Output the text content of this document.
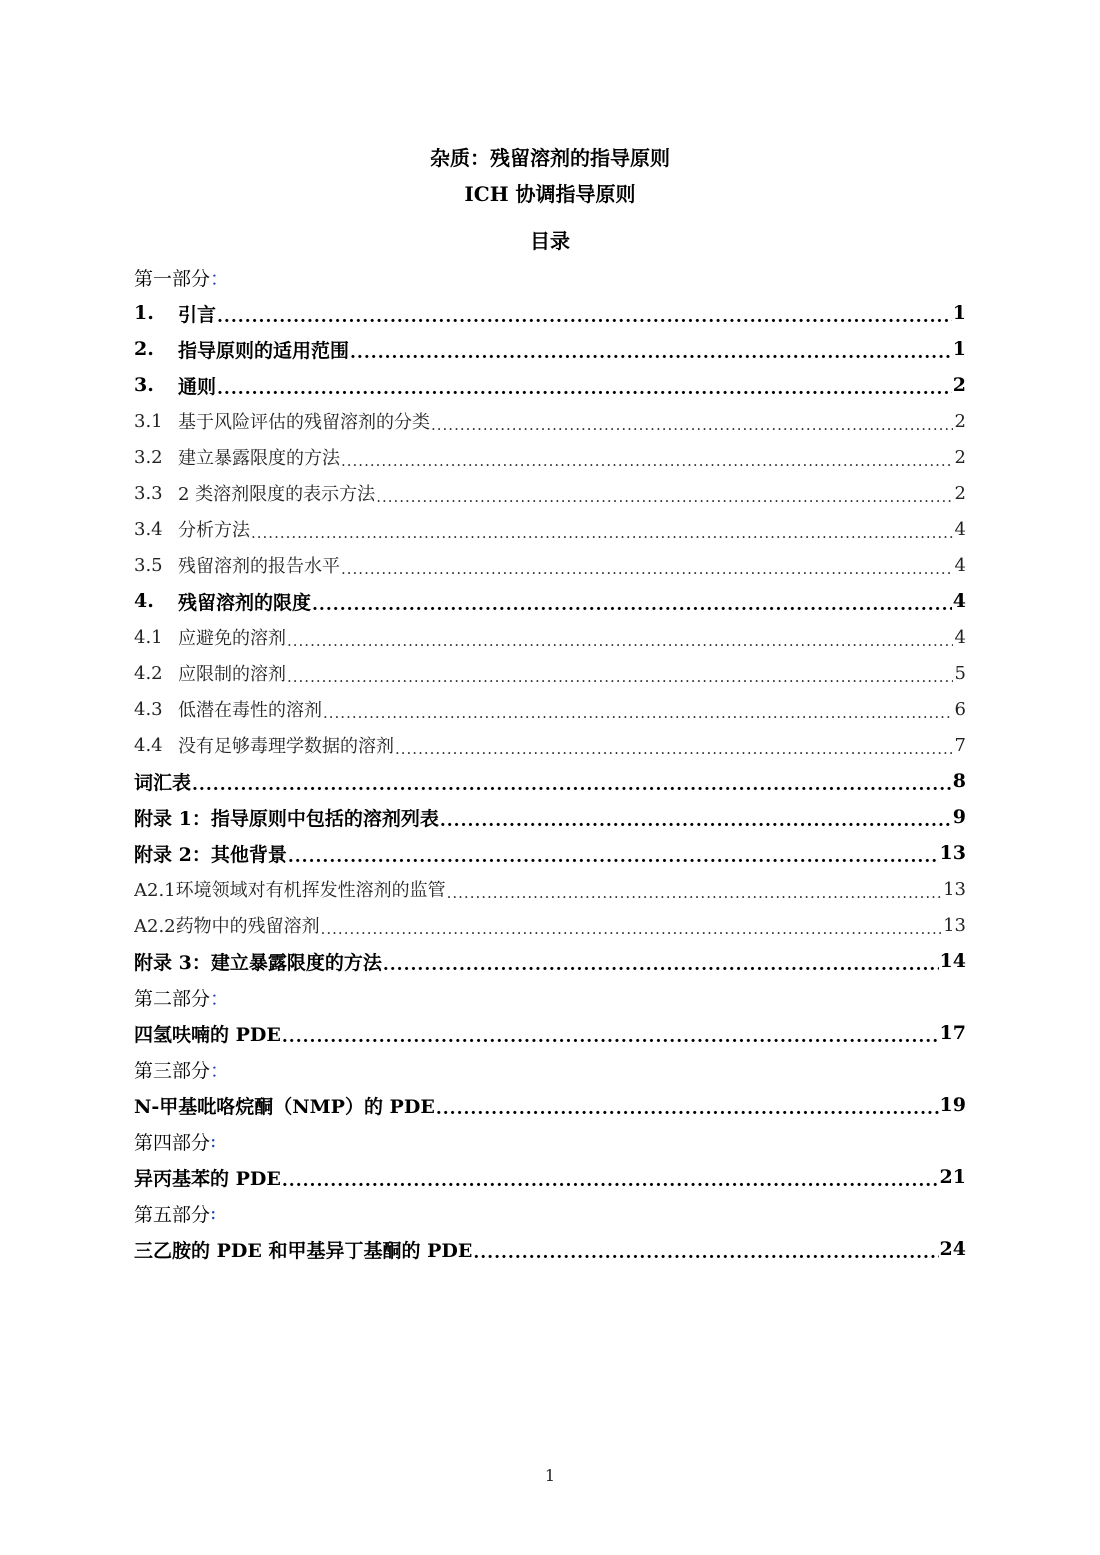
杂质：残留溶剂的指导原则
ICH 协调指导原则
目录
第一部分 ：
1.	引言 .....	1
2.	指导原则的适用范围 .....	1
3.	通则 .....	2
3.1 基于风险评估的残留溶剂的分类 .....	2
3.2 建立暴露限度的方法 .....	2
3.3 2 类溶剂限度的表示方法 .....	2
3.4 分析方法 .....	4
3.5 残留溶剂的报告水平 .....	4
4.	残留溶剂的限度 .....	4
4.1 应避免的溶剂 .....	4
4.2 应限制的溶剂 .....	5
4.3 低潜在毒性的溶剂 .....	6
4.4 没有足够毒理学数据的溶剂 .....	7
词汇表 .....	8
附录 1：指导原则中包括的溶剂列表 .....	9
附录 2：其他背景 .....	13
A2.1环境领域对有机挥发性溶剂的监管 .....	13
A2.2药物中的残留溶剂 .....	13
附录 3：建立暴露限度的方法 .....	14
第二部分 ：
四氢呋喃的 PDE .....	17
第三部分 ：
N-甲基吡咯烷酮（NMP）的 PDE .....	19
第四部分 :
异丙基苯的 PDE .....	21
第五部分 :
三乙胺的 PDE 和甲基异丁基酮的 PDE .....	24
1
